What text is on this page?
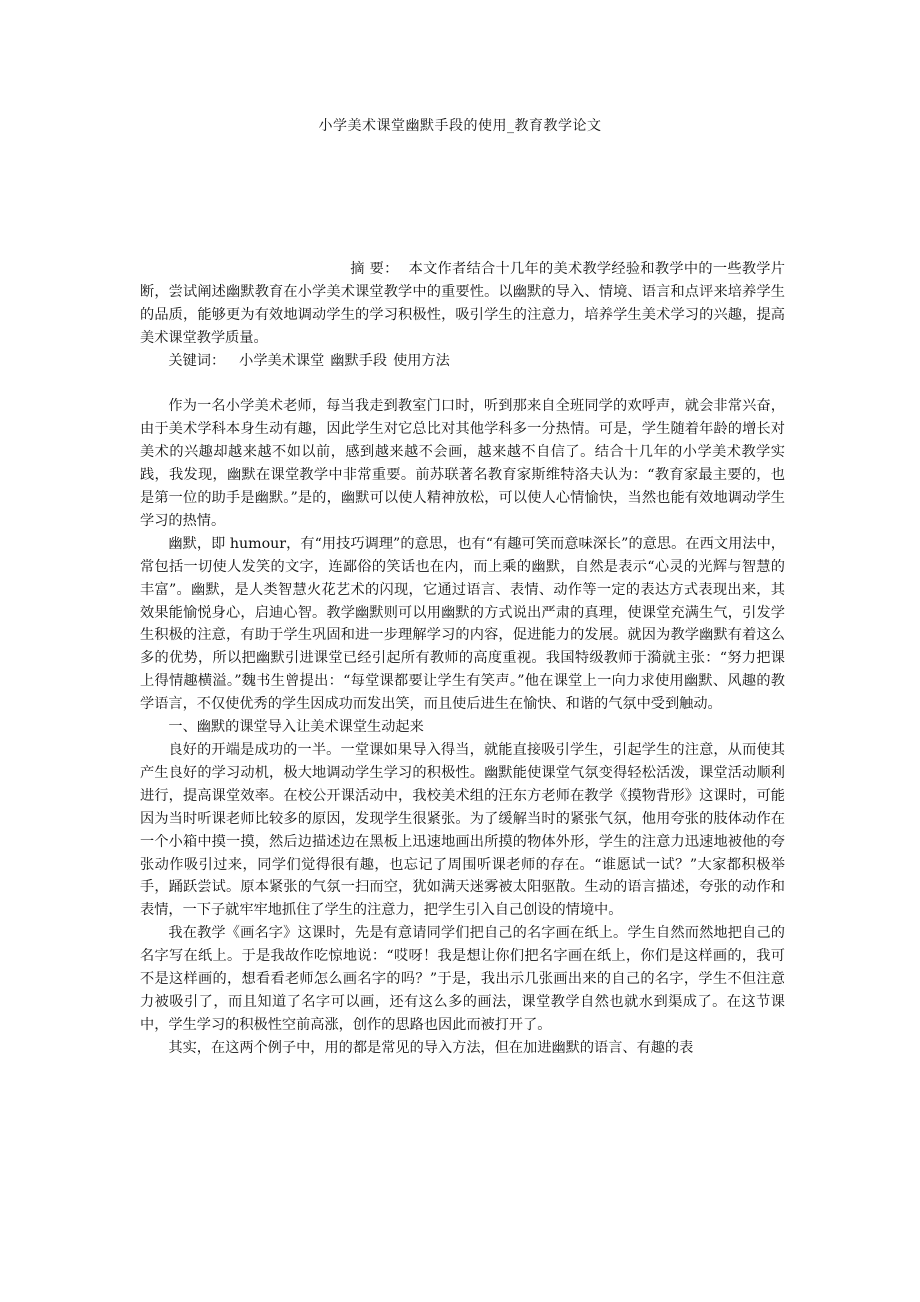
小学美术课堂幽默手段的使用_教育教学论文

摘 要： 本文作者结合十几年的美术教学经验和教学中的一些教学片断，尝试阐述幽默教育在小学美术课堂教学中的重要性。以幽默的导入、情境、语言和点评来培养学生的品质，能够更为有效地调动学生的学习积极性，吸引学生的注意力，培养学生美术学习的兴趣，提高美术课堂教学质量。

关键词： 小学美术课堂 幽默手段 使用方法

作为一名小学美术老师，每当我走到教室门口时，听到那来自全班同学的欢呼声，就会非常兴奋，由于美术学科本身生动有趣，因此学生对它总比对其他学科多一分热情。可是，学生随着年龄的增长对美术的兴趣却越来越不如以前，感到越来越不会画，越来越不自信了。结合十几年的小学美术教学实践，我发现，幽默在课堂教学中非常重要。前苏联著名教育家斯维特洛夫认为：“教育家最主要的，也是第一位的助手是幽默。”是的，幽默可以使人精神放松，可以使人心情愉快，当然也能有效地调动学生学习的热情。

幽默，即 humour，有“用技巧调理”的意思，也有“有趣可笑而意味深长”的意思。在西文用法中，常包括一切使人发笑的文字，连鄙俗的笑话也在内，而上乘的幽默，自然是表示“心灵的光辉与智慧的丰富”。幽默，是人类智慧火花艺术的闪现，它通过语言、表情、动作等一定的表达方式表现出来，其效果能愉悦身心，启迪心智。教学幽默则可以用幽默的方式说出严肃的真理，使课堂充满生气，引发学生积极的注意，有助于学生巩固和进一步理解学习的内容，促进能力的发展。就因为教学幽默有着这么多的优势，所以把幽默引进课堂已经引起所有教师的高度重视。我国特级教师于漪就主张：“努力把课上得情趣横溢。”魏书生曾提出：“每堂课都要让学生有笑声。”他在课堂上一向力求使用幽默、风趣的教学语言，不仅使优秀的学生因成功而发出笑，而且使后进生在愉快、和谐的气氛中受到触动。

一、幽默的课堂导入让美术课堂生动起来

良好的开端是成功的一半。一堂课如果导入得当，就能直接吸引学生，引起学生的注意，从而使其产生良好的学习动机，极大地调动学生学习的积极性。幽默能使课堂气氛变得轻松活泼，课堂活动顺利进行，提高课堂效率。在校公开课活动中，我校美术组的汪东方老师在教学《摸物背形》这课时，可能因为当时听课老师比较多的原因，发现学生很紧张。为了缓解当时的紧张气氛，他用夸张的肢体动作在一个小箱中摸一摸，然后边描述边在黑板上迅速地画出所摸的物体外形，学生的注意力迅速地被他的夸张动作吸引过来，同学们觉得很有趣，也忘记了周围听课老师的存在。“谁愿试一试？”大家都积极举手，踊跃尝试。原本紧张的气氛一扫而空，犹如满天迷雾被太阳驱散。生动的语言描述，夸张的动作和表情，一下子就牢牢地抓住了学生的注意力，把学生引入自己创设的情境中。

我在教学《画名字》这课时，先是有意请同学们把自己的名字画在纸上。学生自然而然地把自己的名字写在纸上。于是我故作吃惊地说：“哎呀！我是想让你们把名字画在纸上，你们是这样画的，我可不是这样画的，想看看老师怎么画名字的吗？”于是，我出示几张画出来的自己的名字，学生不但注意力被吸引了，而且知道了名字可以画，还有这么多的画法，课堂教学自然也就水到渠成了。在这节课中，学生学习的积极性空前高涨，创作的思路也因此而被打开了。

其实，在这两个例子中，用的都是常见的导入方法，但在加进幽默的语言、有趣的表
